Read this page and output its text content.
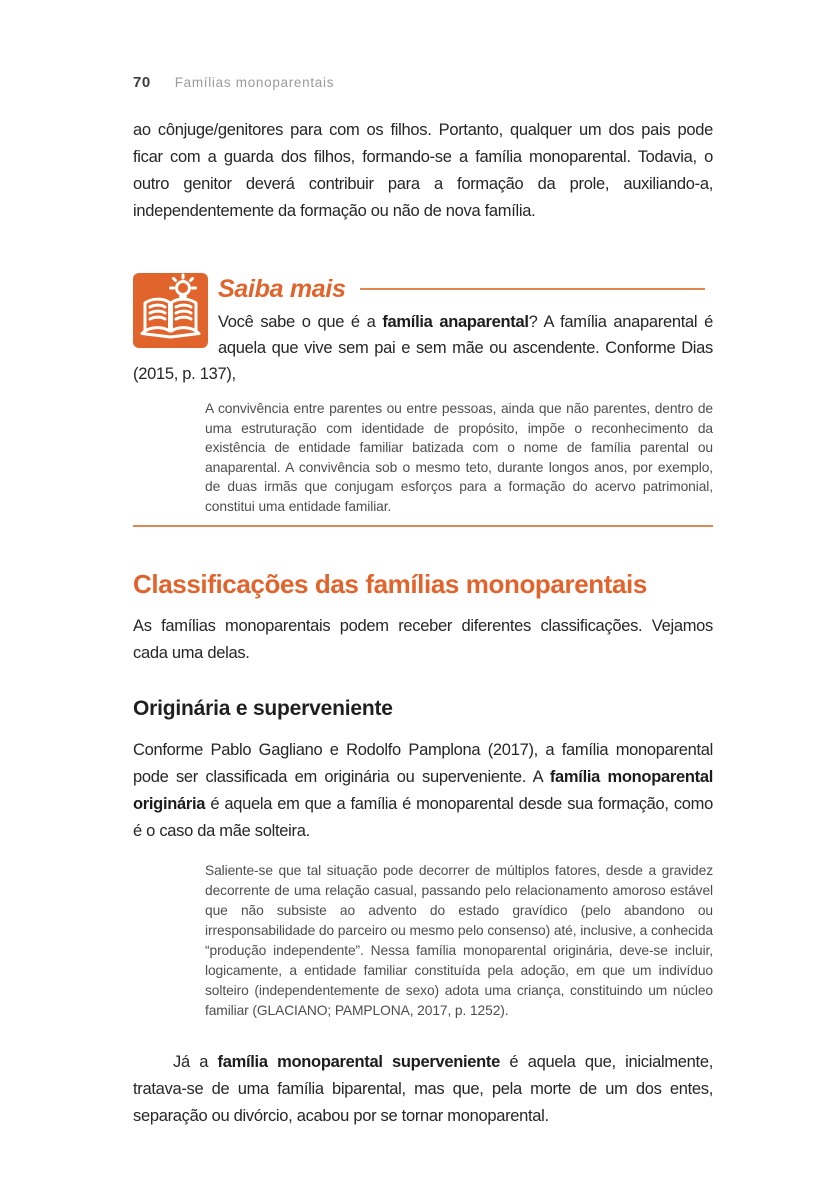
70 Famílias monoparentais

ao cônjuge/genitores para com os filhos. Portanto, qualquer um dos pais pode ficar com a guarda dos filhos, formando-se a família monoparental. Todavia, o outro genitor deverá contribuir para a formação da prole, auxiliando-a, independentemente da formação ou não de nova família.

Saiba mais

Você sabe o que é a família anaparental? A família anaparental é aquela que vive sem pai e sem mãe ou ascendente. Conforme Dias (2015, p. 137),

A convivência entre parentes ou entre pessoas, ainda que não parentes, dentro de uma estruturação com identidade de propósito, impõe o reconhecimento da existência de entidade familiar batizada com o nome de família parental ou anaparental. A convivência sob o mesmo teto, durante longos anos, por exemplo, de duas irmãs que conjugam esforços para a formação do acervo patrimonial, constitui uma entidade familiar.
Classificações das famílias monoparentais

As famílias monoparentais podem receber diferentes classificações. Vejamos cada uma delas.

Originária e superveniente

Conforme Pablo Gagliano e Rodolfo Pamplona (2017), a família monoparental pode ser classificada em originária ou superveniente. A família monoparental originária é aquela em que a família é monoparental desde sua formação, como é o caso da mãe solteira.

Saliente-se que tal situação pode decorrer de múltiplos fatores, desde a gravidez decorrente de uma relação casual, passando pelo relacionamento amoroso estável que não subsiste ao advento do estado gravídico (pelo abandono ou irresponsabilidade do parceiro ou mesmo pelo consenso) até, inclusive, a conhecida “produção independente”. Nessa família monoparental originária, deve-se incluir, logicamente, a entidade familiar constituída pela adoção, em que um indivíduo solteiro (independentemente de sexo) adota uma criança, constituindo um núcleo familiar (GLACIANO; PAMPLONA, 2017, p. 1252).

Já a família monoparental superveniente é aquela que, inicialmente, tratava-se de uma família biparental, mas que, pela morte de um dos entes, separação ou divórcio, acabou por se tornar monoparental.
